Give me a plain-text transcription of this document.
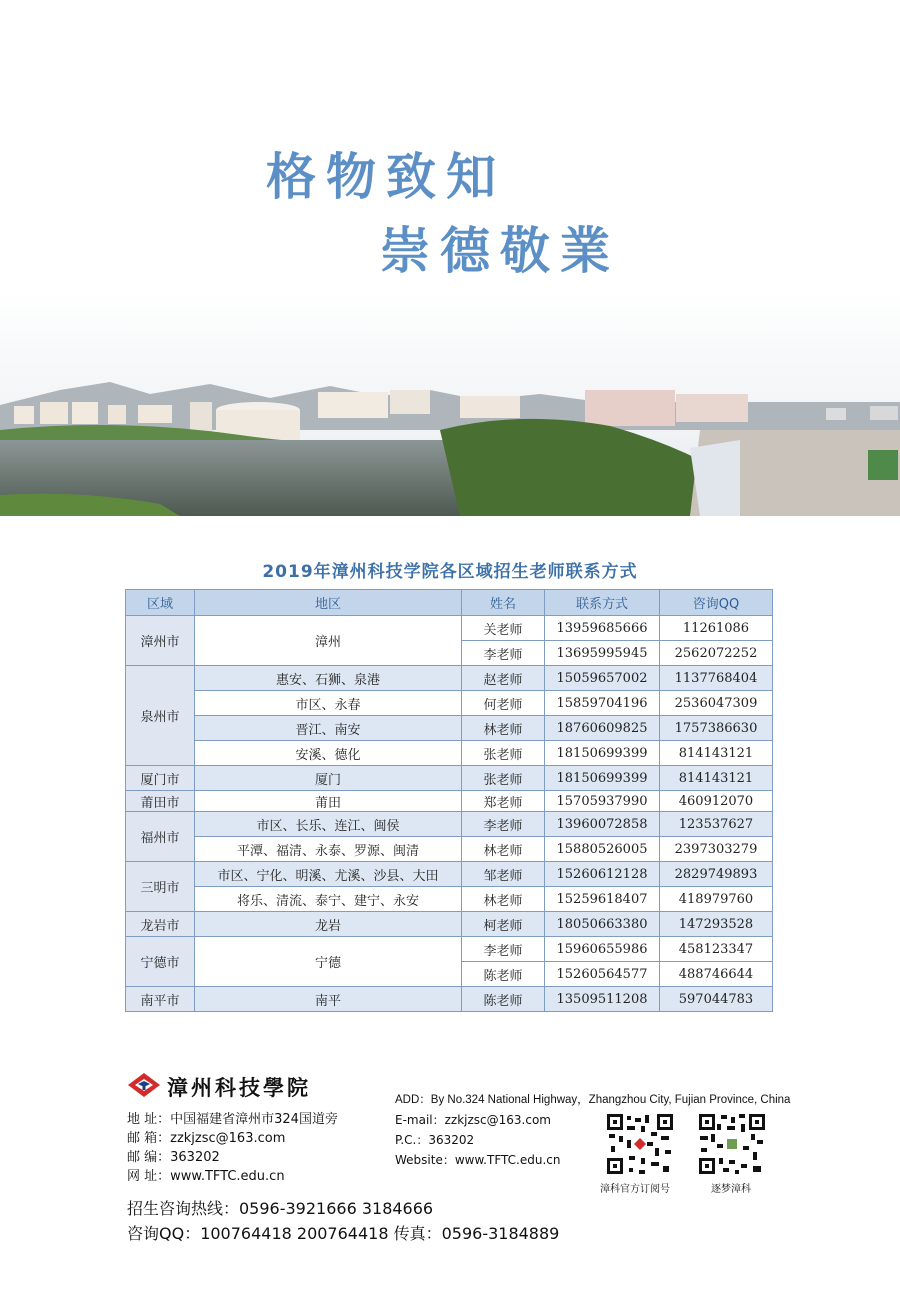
格物致知
崇德敬業
2019年漳州科技学院各区域招生老师联系方式
区域	地区	姓名	联系方式	咨询QQ
漳州市	漳州	关老师	13959685666	11261086
		李老师	13695995945	2562072252
泉州市	惠安、石狮、泉港	赵老师	15059657002	1137768404
	市区、永春	何老师	15859704196	2536047309
	晋江、南安	林老师	18760609825	1757386630
	安溪、德化	张老师	18150699399	814143121
厦门市	厦门	张老师	18150699399	814143121
莆田市	莆田	郑老师	15705937990	460912070
福州市	市区、长乐、连江、闽侯	李老师	13960072858	123537627
	平潭、福清、永泰、罗源、闽清	林老师	15880526005	2397303279
三明市	市区、宁化、明溪、尤溪、沙县、大田	邹老师	15260612128	2829749893
	将乐、清流、泰宁、建宁、永安	林老师	15259618407	418979760
龙岩市	龙岩	柯老师	18050663380	147293528
宁德市	宁德	李老师	15960655986	458123347
		陈老师	15260564577	488746644
南平市	南平	陈老师	13509511208	597044783
漳州科技學院
地 址：中国福建省漳州市324国道旁
邮 箱：zzkjzsc@163.com
邮 编：363202
网 址：www.TFTC.edu.cn
ADD：By No.324 National Highway，Zhangzhou City, Fujian Province, China
E-mail：zzkjzsc@163.com
P.C.：363202
Website：www.TFTC.edu.cn
漳科官方订阅号	逐梦漳科
招生咨询热线：0596-3921666 3184666
咨询QQ：100764418 200764418 传真：0596-3184889
